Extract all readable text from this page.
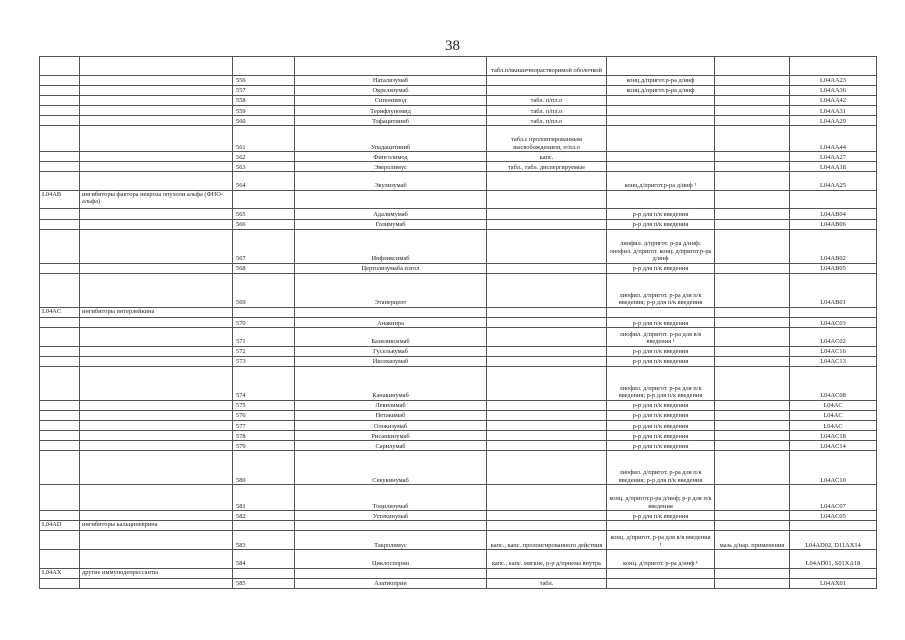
38
				табл.п/вкишечнорастворимой оболочкой			
		556	Натализумаб		конц.д/пригот.р-ра д/инф		L04AA23
		557	Окрелизумаб		конц.д/пригот.р-ра д/инф		L04AA36
		558	Сипонимод	табл. п/пл.о			L04AA42
		559	Терифлуномид	табл. п/пл.о			L04AA31
		560	Тофацитиниб	табл. п/пл.о			L04AA29
		561	Упадацитиниб	табл.с пролонгированным высвобождением, п/пл.о			L04AA44
		562	Финголимод	капс.			L04AA27
		563	Эверолимус	табл., табл. диспергируемые			L04AA18
		564	Экулизумаб		конц.д/пригот.р-ра д/инф ¹		L04AA25
L04AB	ингибиторы фактора некроза опухоли альфа (ФНО-альфа)						
		565	Адалимумаб		р-р для п/к введения		L04AB04
		566	Голимумаб		р-р для п/к введения		L04AB06
		567	Инфликсимаб		лиофил. д/пригот. р-ра д/инф; лиофил. д/пригот. конц. д/пригот.р-ра д/инф		L04AB02
		568	Цертолизумаба пэгол		р-р для п/к введения		L04AB05
		569	Этанерцепт		лиофил. д/пригот. р-ра для п/к введения; р-р для п/к введения		L04AB01
L04AC	ингибиторы интерлейкина						
		570	Анакинра		р-р для п/к введения		L04AC03
		571	Базиликсимаб		лиофил. д/пригот. р-ра для в/в введения ¹		L04AC02
		572	Гуселькумаб		р-р для п/к введения		L04AC16
		573	Иксекизумаб		р-р для п/к введения		L04AC13
		574	Канакинумаб		лиофил. д/пригот. р-ра для п/к введения; р-р для п/к введения		L04AC08
		575	Левилимаб		р-р для п/к введения		L04AC
		576	Нетакимаб		р-р для п/к введения		L04AC
		577	Олокизумаб		р-р для п/к введения		L04AC
		578	Рисанкизумаб		р-р для п/к введения		L04AC18
		579	Сарилумаб		р-р для п/к введения		L04AC14
		580	Секукинумаб		лиофил. д/пригот. р-ра для п/к введения; р-р для п/к введения		L04AC10
		581	Тоцилизумаб		конц. д/пригот.р-ра д/инф; р-р для п/к введения		L04AC07
		582	Устекинумаб		р-р для п/к введения		L04AC05
L04AD	ингибиторы кальциневрина						
		583	Такролимус	капс., капс. пролонгированного действия	конц. д/пригот. р-ра для в/в введения ¹	мазь д/нар. применения	L04AD02, D11AX14
		584	Циклоспорин	капс., капс. мягкие, р-р д/приема внутрь	конц. д/пригот. р-ра д/инф ¹		L04AD01, S01XA18
L04AX	другие иммунодепрессанты						
		585	Азатиоприн	табл.			L04AX01
